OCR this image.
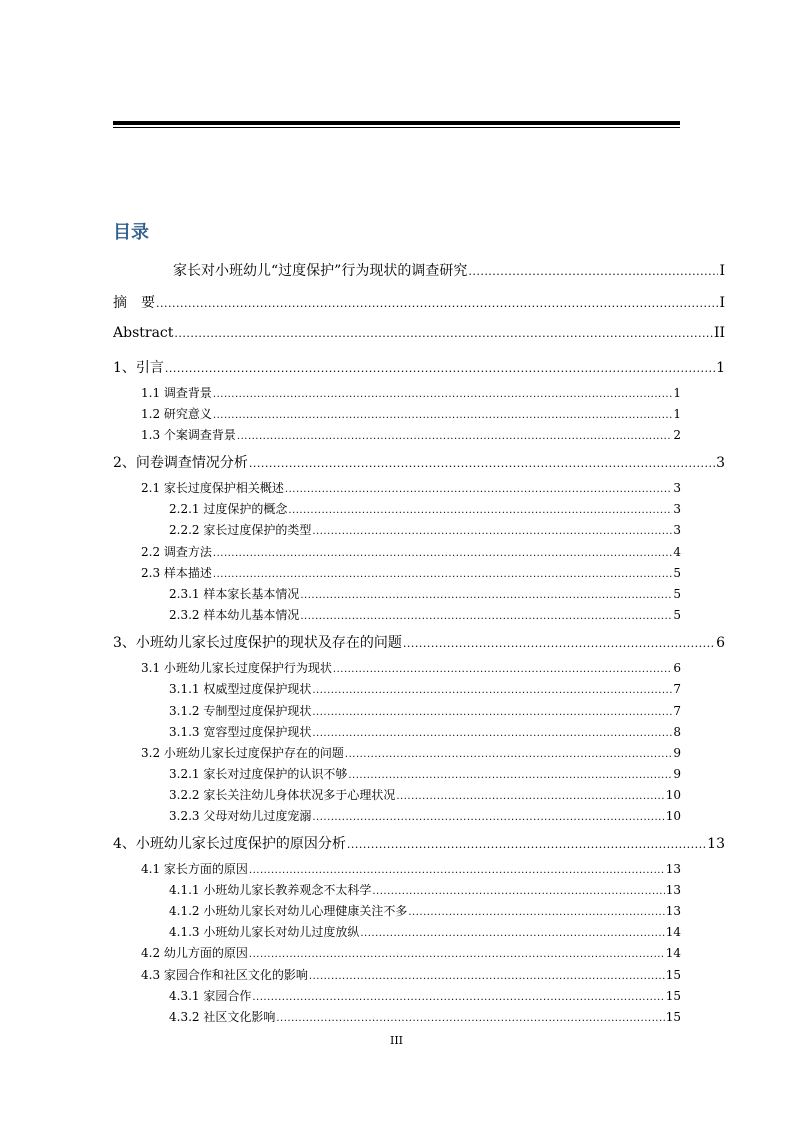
目录
家长对小班幼儿“过度保护”行为现状的调查研究 .....	I
摘　要 .....	I
Abstract .....	II
1、引言 .....	1
1.1 调查背景 .....	1
1.2 研究意义 .....	1
1.3 个案调查背景 .....	2
2、问卷调查情况分析 .....	3
2.1 家长过度保护相关概述 .....	3
2.2.1 过度保护的概念 .....	3
2.2.2 家长过度保护的类型 .....	3
2.2 调查方法 .....	4
2.3 样本描述 .....	5
2.3.1 样本家长基本情况 .....	5
2.3.2 样本幼儿基本情况 .....	5
3、小班幼儿家长过度保护的现状及存在的问题 .....	6
3.1 小班幼儿家长过度保护行为现状 .....	6
3.1.1 权威型过度保护现状 .....	7
3.1.2 专制型过度保护现状 .....	7
3.1.3 宽容型过度保护现状 .....	8
3.2 小班幼儿家长过度保护存在的问题 .....	9
3.2.1 家长对过度保护的认识不够 .....	9
3.2.2 家长关注幼儿身体状况多于心理状况 .....	10
3.2.3 父母对幼儿过度宠溺 .....	10
4、小班幼儿家长过度保护的原因分析 .....	13
4.1 家长方面的原因 .....	13
4.1.1 小班幼儿家长教养观念不太科学 .....	13
4.1.2 小班幼儿家长对幼儿心理健康关注不多 .....	13
4.1.3 小班幼儿家长对幼儿过度放纵 .....	14
4.2 幼儿方面的原因 .....	14
4.3 家园合作和社区文化的影响 .....	15
4.3.1 家园合作 .....	15
4.3.2 社区文化影响 .....	15
III
